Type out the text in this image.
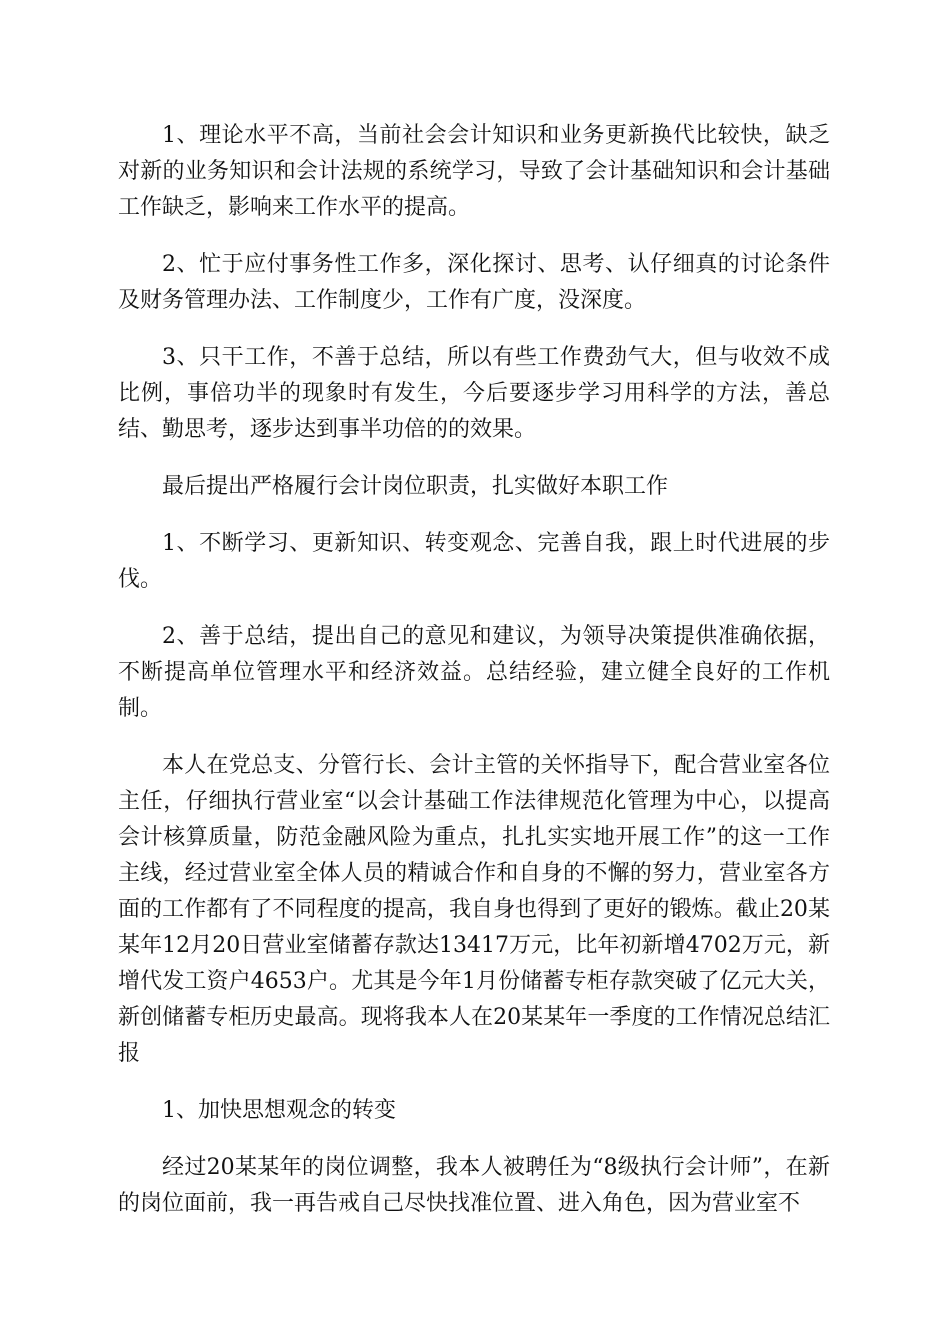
1、理论水平不高，当前社会会计知识和业务更新换代比较快，缺乏对新的业务知识和会计法规的系统学习，导致了会计基础知识和会计基础工作缺乏，影响来工作水平的提高。

2、忙于应付事务性工作多，深化探讨、思考、认仔细真的讨论条件及财务管理办法、工作制度少，工作有广度，没深度。

3、只干工作，不善于总结，所以有些工作费劲气大，但与收效不成比例，事倍功半的现象时有发生，今后要逐步学习用科学的方法，善总结、勤思考，逐步达到事半功倍的的效果。

最后提出严格履行会计岗位职责，扎实做好本职工作

1、不断学习、更新知识、转变观念、完善自我，跟上时代进展的步伐。

2、善于总结，提出自己的意见和建议，为领导决策提供准确依据，不断提高单位管理水平和经济效益。总结经验，建立健全良好的工作机制。

本人在党总支、分管行长、会计主管的关怀指导下，配合营业室各位主任，仔细执行营业室“以会计基础工作法律规范化管理为中心，以提高会计核算质量，防范金融风险为重点，扎扎实实地开展工作”的这一工作主线，经过营业室全体人员的精诚合作和自身的不懈的努力，营业室各方面的工作都有了不同程度的提高，我自身也得到了更好的锻炼。截止20某某年12月20日营业室储蓄存款达13417万元，比年初新增4702万元，新增代发工资户4653户。尤其是今年1月份储蓄专柜存款突破了亿元大关，新创储蓄专柜历史最高。现将我本人在20某某年一季度的工作情况总结汇报

1、加快思想观念的转变

经过20某某年的岗位调整，我本人被聘任为“8级执行会计师”，在新的岗位面前，我一再告戒自己尽快找准位置、进入角色，因为营业室不
